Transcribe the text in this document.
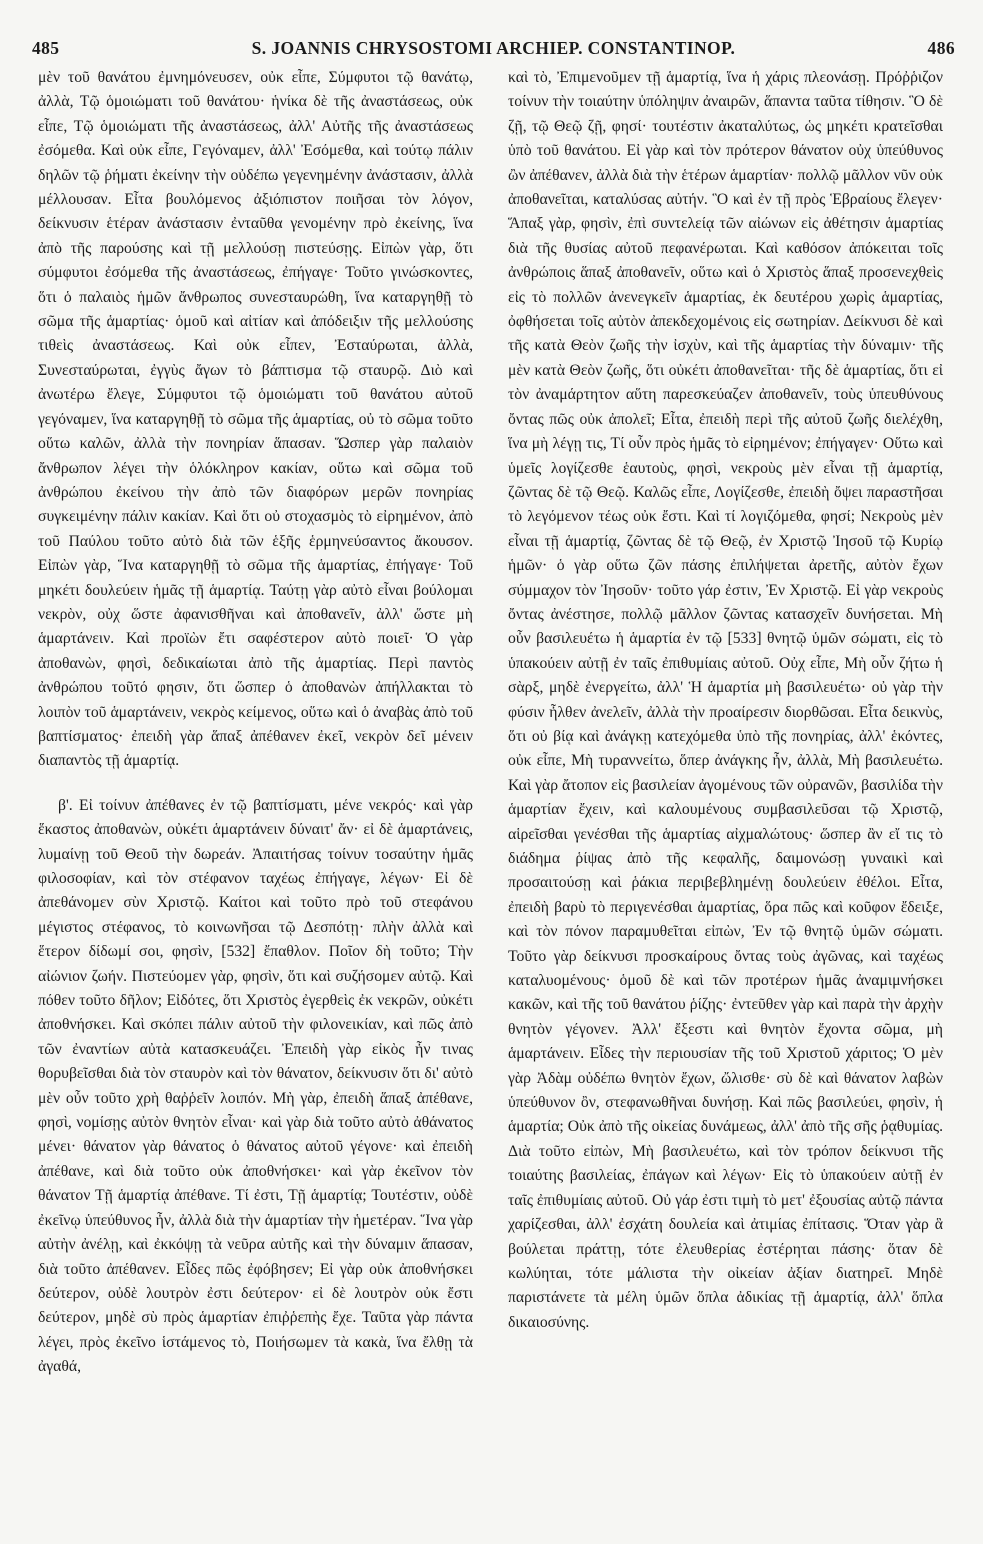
485	S. JOANNIS CHRYSOSTOMI ARCHIEP. CONSTANTINOP.	486

μὲν τοῦ θανάτου ἐμνημόνευσεν, οὐκ εἶπε, Σύμφυτοι τῷ θανάτῳ, ἀλλὰ, Τῷ ὁμοιώματι τοῦ θανάτου· ἡνίκα δὲ τῆς ἀναστάσεως, οὐκ εἶπε, Τῷ ὁμοιώματι τῆς ἀναστάσεως, ἀλλ' Αὐτῆς τῆς ἀναστάσεως ἐσόμεθα. Καὶ οὐκ εἶπε, Γεγόναμεν, ἀλλ' Ἐσόμεθα, καὶ τούτῳ πάλιν δηλῶν τῷ ῥήματι ἐκείνην τὴν οὐδέπω γεγενημένην ἀνάστασιν, ἀλλὰ μέλλουσαν. Εἶτα βουλόμενος ἀξιόπιστον ποιῆσαι τὸν λόγον, δείκνυσιν ἑτέραν ἀνάστασιν ἐνταῦθα γενομένην πρὸ ἐκείνης, ἵνα ἀπὸ τῆς παρούσης καὶ τῇ μελλούσῃ πιστεύσῃς. Εἰπὼν γὰρ, ὅτι σύμφυτοι ἐσόμεθα τῆς ἀναστάσεως, ἐπήγαγε· Τοῦτο γινώσκοντες, ὅτι ὁ παλαιὸς ἡμῶν ἄνθρωπος συνεσταυρώθη, ἵνα καταργηθῇ τὸ σῶμα τῆς ἁμαρτίας· ὁμοῦ καὶ αἰτίαν καὶ ἀπόδειξιν τῆς μελλούσης τιθεὶς ἀναστάσεως. Καὶ οὐκ εἶπεν, Ἐσταύρωται, ἀλλὰ, Συνεσταύρωται, ἐγγὺς ἄγων τὸ βάπτισμα τῷ σταυρῷ. Διὸ καὶ ἀνωτέρω ἔλεγε, Σύμφυτοι τῷ ὁμοιώματι τοῦ θανάτου αὐτοῦ γεγόναμεν, ἵνα καταργηθῇ τὸ σῶμα τῆς ἁμαρτίας, οὐ τὸ σῶμα τοῦτο οὕτω καλῶν, ἀλλὰ τὴν πονηρίαν ἅπασαν. Ὥσπερ γὰρ παλαιὸν ἄνθρωπον λέγει τὴν ὁλόκληρον κακίαν, οὕτω καὶ σῶμα τοῦ ἀνθρώπου ἐκείνου τὴν ἀπὸ τῶν διαφόρων μερῶν πονηρίας συγκειμένην πάλιν κακίαν. Καὶ ὅτι οὐ στοχασμὸς τὸ εἰρημένον, ἀπὸ τοῦ Παύλου τοῦτο αὐτὸ διὰ τῶν ἑξῆς ἑρμηνεύσαντος ἄκουσον. Εἰπὼν γὰρ, Ἵνα καταργηθῇ τὸ σῶμα τῆς ἁμαρτίας, ἐπήγαγε· Τοῦ μηκέτι δουλεύειν ἡμᾶς τῇ ἁμαρτίᾳ. Ταύτῃ γὰρ αὐτὸ εἶναι βούλομαι νεκρὸν, οὐχ ὥστε ἀφανισθῆναι καὶ ἀποθανεῖν, ἀλλ' ὥστε μὴ ἁμαρτάνειν. Καὶ προϊὼν ἔτι σαφέστερον αὐτὸ ποιεῖ· Ὁ γὰρ ἀποθανὼν, φησὶ, δεδικαίωται ἀπὸ τῆς ἁμαρτίας. Περὶ παντὸς ἀνθρώπου τοῦτό φησιν, ὅτι ὥσπερ ὁ ἀποθανὼν ἀπήλλακται τὸ λοιπὸν τοῦ ἁμαρτάνειν, νεκρὸς κείμενος, οὕτω καὶ ὁ ἀναβὰς ἀπὸ τοῦ βαπτίσματος· ἐπειδὴ γὰρ ἅπαξ ἀπέθανεν ἐκεῖ, νεκρὸν δεῖ μένειν διαπαντὸς τῇ ἁμαρτίᾳ.

β'. Εἰ τοίνυν ἀπέθανες ἐν τῷ βαπτίσματι, μένε νεκρός· καὶ γὰρ ἕκαστος ἀποθανὼν, οὐκέτι ἁμαρτάνειν δύναιτ' ἄν· εἰ δὲ ἁμαρτάνεις, λυμαίνῃ τοῦ Θεοῦ τὴν δωρεάν. Ἀπαιτήσας τοίνυν τοσαύτην ἡμᾶς φιλοσοφίαν, καὶ τὸν στέφανον ταχέως ἐπήγαγε, λέγων· Εἰ δὲ ἀπεθάνομεν σὺν Χριστῷ. Καίτοι καὶ τοῦτο πρὸ τοῦ στεφάνου μέγιστος στέφανος, τὸ κοινωνῆσαι τῷ Δεσπότῃ· πλὴν ἀλλὰ καὶ ἕτερον δίδωμί σοι, φησὶν, [532] ἔπαθλον. Ποῖον δὴ τοῦτο; Τὴν αἰώνιον ζωήν. Πιστεύομεν γὰρ, φησὶν, ὅτι καὶ συζήσομεν αὐτῷ. Καὶ πόθεν τοῦτο δῆλον; Εἰδότες, ὅτι Χριστὸς ἐγερθεὶς ἐκ νεκρῶν, οὐκέτι ἀποθνήσκει. Καὶ σκόπει πάλιν αὐτοῦ τὴν φιλονεικίαν, καὶ πῶς ἀπὸ τῶν ἐναντίων αὐτὰ κατασκευάζει. Ἐπειδὴ γὰρ εἰκὸς ἦν τινας θορυβεῖσθαι διὰ τὸν σταυρὸν καὶ τὸν θάνατον, δείκνυσιν ὅτι δι' αὐτὸ μὲν οὖν τοῦτο χρὴ θαῤῥεῖν λοιπόν. Μὴ γὰρ, ἐπειδὴ ἅπαξ ἀπέθανε, φησὶ, νομίσῃς αὐτὸν θνητὸν εἶναι· καὶ γὰρ διὰ τοῦτο αὐτὸ ἀθάνατος μένει· θάνατον γὰρ θάνατος ὁ θάνατος αὐτοῦ γέγονε· καὶ ἐπειδὴ ἀπέθανε, καὶ διὰ τοῦτο οὐκ ἀποθνήσκει· καὶ γὰρ ἐκεῖνον τὸν θάνατον Τῇ ἁμαρτίᾳ ἀπέθανε. Τί ἐστι, Τῇ ἁμαρτίᾳ; Τουτέστιν, οὐδὲ ἐκεῖνῳ ὑπεύθυνος ἦν, ἀλλὰ διὰ τὴν ἁμαρτίαν τὴν ἡμετέραν. Ἵνα γὰρ αὐτὴν ἀνέλῃ, καὶ ἐκκόψῃ τὰ νεῦρα αὐτῆς καὶ τὴν δύναμιν ἅπασαν, διὰ τοῦτο ἀπέθανεν. Εἶδες πῶς ἐφόβησεν; Εἰ γὰρ οὐκ ἀποθνήσκει δεύτερον, οὐδὲ λουτρὸν ἐστι δεύτερον· εἰ δὲ λουτρὸν οὐκ ἔστι δεύτερον, μηδὲ σὺ πρὸς ἁμαρτίαν ἐπιῤῥεπὴς ἔχε. Ταῦτα γὰρ πάντα λέγει, πρὸς ἐκεῖνο ἱστάμενος τὸ, Ποιήσωμεν τὰ κακὰ, ἵνα ἔλθῃ τὰ ἀγαθά,

καὶ τὸ, Ἐπιμενοῦμεν τῇ ἁμαρτίᾳ, ἵνα ἡ χάρις πλεονάσῃ. Πρόῤῥιζον τοίνυν τὴν τοιαύτην ὑπόληψιν ἀναιρῶν, ἅπαντα ταῦτα τίθησιν. Ὃ δὲ ζῇ, τῷ Θεῷ ζῇ, φησί· τουτέστιν ἀκαταλύτως, ὡς μηκέτι κρατεῖσθαι ὑπὸ τοῦ θανάτου. Εἰ γὰρ καὶ τὸν πρότερον θάνατον οὐχ ὑπεύθυνος ὢν ἀπέθανεν, ἀλλὰ διὰ τὴν ἑτέρων ἁμαρτίαν· πολλῷ μᾶλλον νῦν οὐκ ἀποθανεῖται, καταλύσας αὐτήν. Ὃ καὶ ἐν τῇ πρὸς Ἑβραίους ἔλεγεν· Ἅπαξ γὰρ, φησὶν, ἐπὶ συντελείᾳ τῶν αἰώνων εἰς ἀθέτησιν ἁμαρτίας διὰ τῆς θυσίας αὐτοῦ πεφανέρωται. Καὶ καθόσον ἀπόκειται τοῖς ἀνθρώποις ἅπαξ ἀποθανεῖν, οὕτω καὶ ὁ Χριστὸς ἅπαξ προσενεχθεὶς εἰς τὸ πολλῶν ἀνενεγκεῖν ἁμαρτίας, ἐκ δευτέρου χωρὶς ἁμαρτίας, ὀφθήσεται τοῖς αὐτὸν ἀπεκδεχομένοις εἰς σωτηρίαν. Δείκνυσι δὲ καὶ τῆς κατὰ Θεὸν ζωῆς τὴν ἰσχὺν, καὶ τῆς ἁμαρτίας τὴν δύναμιν· τῆς μὲν κατὰ Θεὸν ζωῆς, ὅτι οὐκέτι ἀποθανεῖται· τῆς δὲ ἁμαρτίας, ὅτι εἰ τὸν ἀναμάρτητον αὕτη παρεσκεύαζεν ἀποθανεῖν, τοὺς ὑπευθύνους ὄντας πῶς οὐκ ἀπολεῖ; Εἶτα, ἐπειδὴ περὶ τῆς αὐτοῦ ζωῆς διελέχθη, ἵνα μὴ λέγῃ τις, Τί οὖν πρὸς ἡμᾶς τὸ εἰρημένον; ἐπήγαγεν· Οὕτω καὶ ὑμεῖς λογίζεσθε ἑαυτοὺς, φησὶ, νεκροὺς μὲν εἶναι τῇ ἁμαρτίᾳ, ζῶντας δὲ τῷ Θεῷ. Καλῶς εἶπε, Λογίζεσθε, ἐπειδὴ ὄψει παραστῆσαι τὸ λεγόμενον τέως οὐκ ἔστι. Καὶ τί λογιζόμεθα, φησί; Νεκροὺς μὲν εἶναι τῇ ἁμαρτίᾳ, ζῶντας δὲ τῷ Θεῷ, ἐν Χριστῷ Ἰησοῦ τῷ Κυρίῳ ἡμῶν· ὁ γὰρ οὕτω ζῶν πάσης ἐπιλήψεται ἀρετῆς, αὐτὸν ἔχων σύμμαχον τὸν Ἰησοῦν· τοῦτο γάρ ἐστιν, Ἐν Χριστῷ. Εἰ γὰρ νεκροὺς ὄντας ἀνέστησε, πολλῷ μᾶλλον ζῶντας κατασχεῖν δυνήσεται. Μὴ οὖν βασιλευέτω ἡ ἁμαρτία ἐν τῷ [533] θνητῷ ὑμῶν σώματι, εἰς τὸ ὑπακούειν αὐτῇ ἐν ταῖς ἐπιθυμίαις αὐτοῦ. Οὐχ εἶπε, Μὴ οὖν ζήτω ἡ σὰρξ, μηδὲ ἐνεργείτω, ἀλλ' Ἡ ἁμαρτία μὴ βασιλευέτω· οὐ γὰρ τὴν φύσιν ἦλθεν ἀνελεῖν, ἀλλὰ τὴν προαίρεσιν διορθῶσαι. Εἶτα δεικνὺς, ὅτι οὐ βίᾳ καὶ ἀνάγκῃ κατεχόμεθα ὑπὸ τῆς πονηρίας, ἀλλ' ἑκόντες, οὐκ εἶπε, Μὴ τυραννείτω, ὅπερ ἀνάγκης ἦν, ἀλλὰ, Μὴ βασιλευέτω. Καὶ γὰρ ἄτοπον εἰς βασιλείαν ἀγομένους τῶν οὐρανῶν, βασιλίδα τὴν ἁμαρτίαν ἔχειν, καὶ καλουμένους συμβασιλεῦσαι τῷ Χριστῷ, αἱρεῖσθαι γενέσθαι τῆς ἁμαρτίας αἰχμαλώτους· ὥσπερ ἂν εἴ τις τὸ διάδημα ῥίψας ἀπὸ τῆς κεφαλῆς, δαιμονώσῃ γυναικὶ καὶ προσαιτούσῃ καὶ ῥάκια περιβεβλημένῃ δουλεύειν ἐθέλοι. Εἶτα, ἐπειδὴ βαρὺ τὸ περιγενέσθαι ἁμαρτίας, ὅρα πῶς καὶ κοῦφον ἔδειξε, καὶ τὸν πόνον παραμυθεῖται εἰπὼν, Ἐν τῷ θνητῷ ὑμῶν σώματι. Τοῦτο γὰρ δείκνυσι προσκαίρους ὄντας τοὺς ἀγῶνας, καὶ ταχέως καταλυομένους· ὁμοῦ δὲ καὶ τῶν προτέρων ἡμᾶς ἀναμιμνήσκει κακῶν, καὶ τῆς τοῦ θανάτου ῥίζης· ἐντεῦθεν γὰρ καὶ παρὰ τὴν ἀρχὴν θνητὸν γέγονεν. Ἀλλ' ἔξεστι καὶ θνητὸν ἔχοντα σῶμα, μὴ ἁμαρτάνειν. Εἶδες τὴν περιουσίαν τῆς τοῦ Χριστοῦ χάριτος; Ὁ μὲν γὰρ Ἀδὰμ οὐδέπω θνητὸν ἔχων, ὤλισθε· σὺ δὲ καὶ θάνατον λαβὼν ὑπεύθυνον ὂν, στεφανωθῆναι δυνήσῃ. Καὶ πῶς βασιλεύει, φησὶν, ἡ ἁμαρτία; Οὐκ ἀπὸ τῆς οἰκείας δυνάμεως, ἀλλ' ἀπὸ τῆς σῆς ῥᾳθυμίας. Διὰ τοῦτο εἰπὼν, Μὴ βασιλευέτω, καὶ τὸν τρόπον δείκνυσι τῆς τοιαύτης βασιλείας, ἐπάγων καὶ λέγων· Εἰς τὸ ὑπακούειν αὐτῇ ἐν ταῖς ἐπιθυμίαις αὐτοῦ. Οὐ γάρ ἐστι τιμὴ τὸ μετ' ἐξουσίας αὐτῷ πάντα χαρίζεσθαι, ἀλλ' ἐσχάτη δουλεία καὶ ἀτιμίας ἐπίτασις. Ὅταν γὰρ ἃ βούλεται πράττῃ, τότε ἐλευθερίας ἐστέρηται πάσης· ὅταν δὲ κωλύηται, τότε μάλιστα τὴν οἰκείαν ἀξίαν διατηρεῖ. Μηδὲ παριστάνετε τὰ μέλη ὑμῶν ὅπλα ἀδικίας τῇ ἁμαρτίᾳ, ἀλλ' ὅπλα δικαιοσύνης.
